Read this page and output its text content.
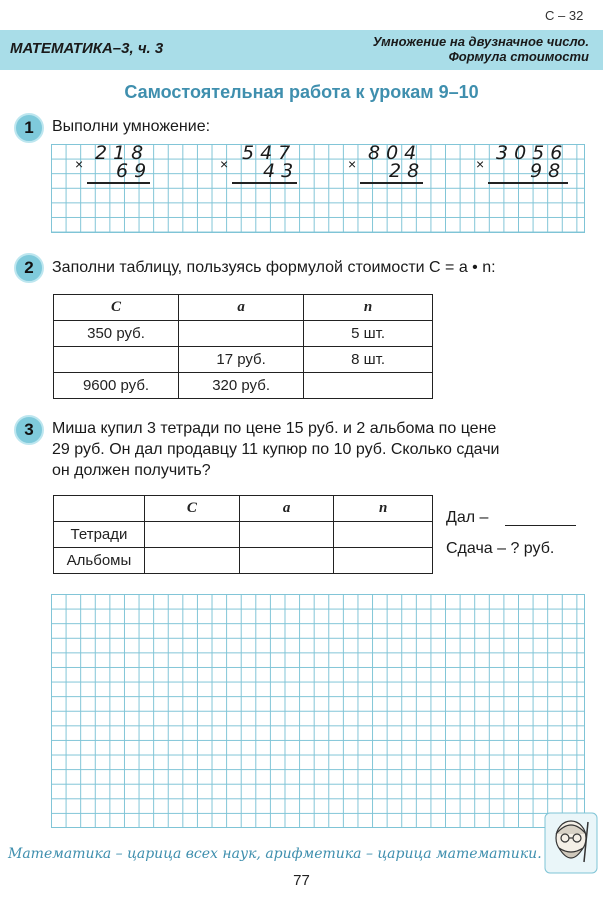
С – 32
МАТЕМАТИКА–3, ч. 3	Умножение на двузначное число.
Формула стоимости
Самостоятельная работа к урокам 9–10
1	Выполни умножение:
× 218
69	× 547
43	× 804
28	× 3056
98
2	Заполни таблицу, пользуясь формулой стоимости C = a • n:
C	a	n
350 руб.		5 шт.
	17 руб.	8 шт.
9600 руб.	320 руб.	
3	Миша купил 3 тетради по цене 15 руб. и 2 альбома по цене
29 руб. Он дал продавцу 11 купюр по 10 руб. Сколько сдачи
он должен получить?
	C	a	n
Тетради			
Альбомы			
Дал –
Сдача – ? руб.
Математика – царица всех наук, арифметика – царица математики.
77
